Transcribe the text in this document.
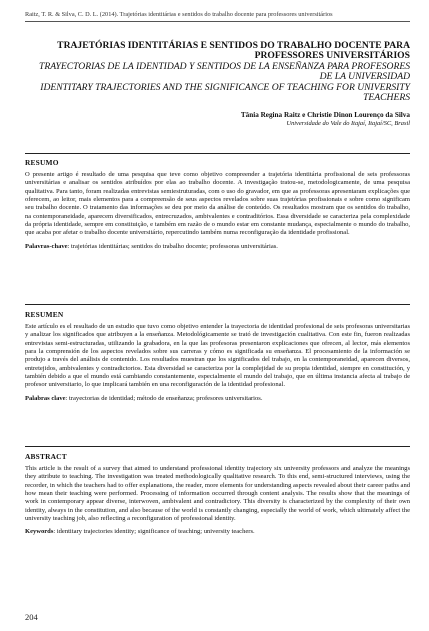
Raitz, T. R. & Silva, C. D. L. (2014). Trajetórias identitárias e sentidos do trabalho docente para professores universitários
TRAJETÓRIAS IDENTITÁRIAS E SENTIDOS DO TRABALHO DOCENTE PARA PROFESSORES UNIVERSITÁRIOS
TRAYECTORIAS DE LA IDENTIDAD Y SENTIDOS DE LA ENSEÑANZA PARA PROFESORES DE LA UNIVERSIDAD
IDENTITARY TRAJECTORIES AND THE SIGNIFICANCE OF TEACHING FOR UNIVERSITY TEACHERS
Tânia Regina Raitz e Christie Dinon Lourenço da Silva
Universidade do Vale do Itajaí, Itajaí/SC, Brasil
RESUMO
O presente artigo é resultado de uma pesquisa que teve como objetivo compreender a trajetória identitária profissional de seis professoras universitárias e analisar os sentidos atribuídos por elas ao trabalho docente. A investigação tratou-se, metodologicamente, de uma pesquisa qualitativa. Para tanto, foram realizadas entrevistas semiestruturadas, com o uso do gravador, em que as professoras apresentaram explicações que oferecem, ao leitor, mais elementos para a compreensão de seus aspectos revelados sobre suas trajetórias profissionais e sobre como significam seu trabalho docente. O tratamento das informações se deu por meio da análise de conteúdo. Os resultados mostram que os sentidos do trabalho, na contemporaneidade, aparecem diversificados, entrecruzados, ambivalentes e contraditórios. Essa diversidade se caracteriza pela complexidade da própria identidade, sempre em constituição, e também em razão de o mundo estar em constante mudança, especialmente o mundo do trabalho, que acaba por afetar o trabalho docente universitário, repercutindo também numa reconfiguração da identidade profissional.
Palavras-chave: trajetórias identitárias; sentidos do trabalho docente; professoras universitárias.
RESUMEN
Este artículo es el resultado de un estudio que tuvo como objetivo entender la trayectoria de identidad profesional de seis profesoras universitarias y analizar los significados que atribuyen a la enseñanza. Metodológicamente se trató de investigación cualitativa. Con este fin, fueron realizadas entrevistas semi-estructuradas, utilizando la grabadora, en la que las profesoras presentaron explicaciones que ofrecen, al lector, más elementos para la comprensión de los aspectos revelados sobre sus carreras y cómo es significada su enseñanza. El procesamiento de la información se produjo a través del análisis de contenido. Los resultados muestran que los significados del trabajo, en la contemporaneidad, aparecen diversos, entretejidos, ambivalentes y contradictorios. Esta diversidad se caracteriza por la complejidad de su propia identidad, siempre en constitución, y también debido a que el mundo está cambiando constantemente, especialmente el mundo del trabajo, que en última instancia afecta al trabajo de profesor universitario, lo que implicará también en una reconfiguración de la identidad profesional.
Palabras clave: trayectorias de identidad; método de enseñanza; profesores universitarios.
ABSTRACT
This article is the result of a survey that aimed to understand professional identity trajectory six university professors and analyze the meanings they attribute to teaching. The investigation was treated methodologically qualitative research. To this end, semi-structured interviews, using the recorder, in which the teachers had to offer explanations, the reader, more elements for understanding aspects revealed about their career paths and how mean their teaching were performed. Processing of information occurred through content analysis. The results show that the meanings of work in contemporary appear diverse, interwoven, ambivalent and contradictory. This diversity is characterized by the complexity of their own identity, always in the constitution, and also because of the world is constantly changing, especially the world of work, which ultimately affect the university teaching job, also reflecting a reconfiguration of professional identity.
Keywords: identitary trajectories identity; significance of teaching; university teachers.
204
